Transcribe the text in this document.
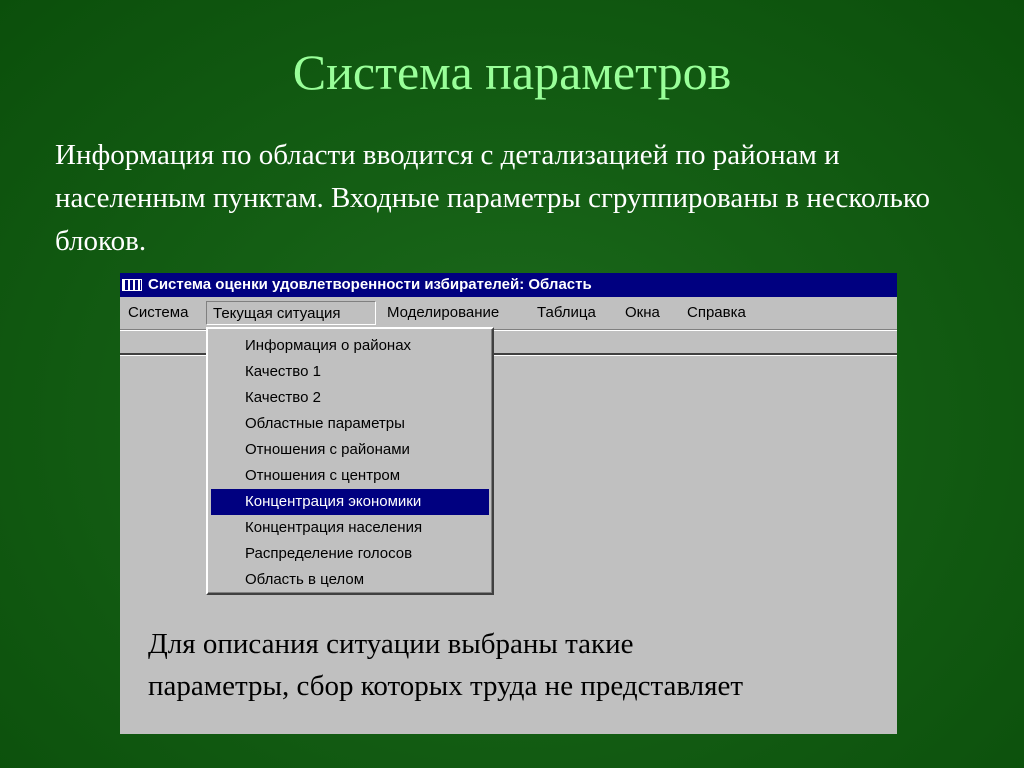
Система параметров
Информация по области вводится с детализацией по районам и населенным пунктам. Входные параметры сгруппированы в несколько блоков.
Система оценки удовлетворенности избирателей: Область
Система	Текущая ситуация	Моделирование	Таблица	Окна	Справка
Информация о районах
Качество 1
Качество 2
Областные параметры
Отношения с районами
Отношения с центром
Концентрация экономики
Концентрация населения
Распределение голосов
Область в целом
Для описания ситуации выбраны такие
параметры, сбор которых труда не представляет
